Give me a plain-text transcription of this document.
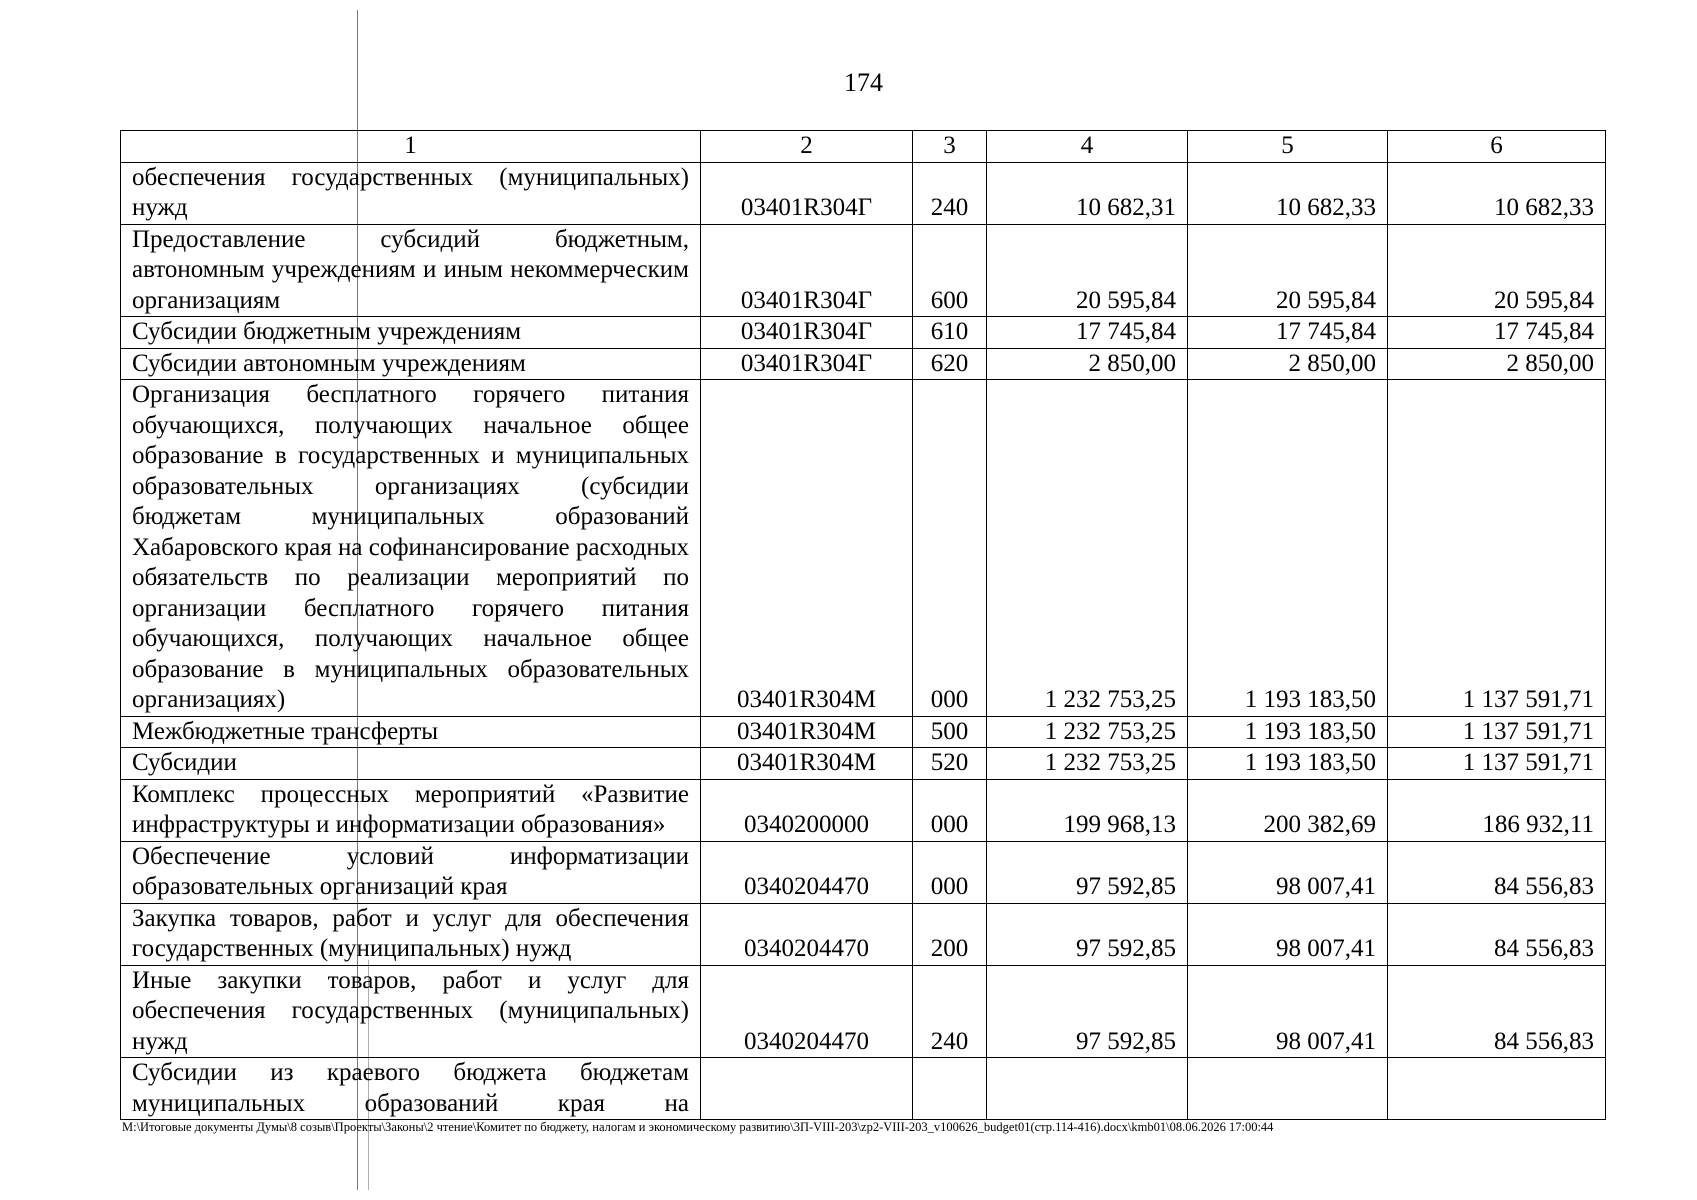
174
1	2	3	4	5	6
обеспечения государственных (муниципальных) нужд	03401R304Г	240	10 682,31	10 682,33	10 682,33
Предоставление субсидий бюджетным, автономным учреждениям и иным некоммерческим организациям	03401R304Г	600	20 595,84	20 595,84	20 595,84
Субсидии бюджетным учреждениям	03401R304Г	610	17 745,84	17 745,84	17 745,84
Субсидии автономным учреждениям	03401R304Г	620	2 850,00	2 850,00	2 850,00
Организация бесплатного горячего питания обучающихся, получающих начальное общее образование в государственных и муниципальных образовательных организациях (субсидии бюджетам муниципальных образований Хабаровского края на софинансирование расходных обязательств по реализации мероприятий по организации бесплатного горячего питания обучающихся, получающих начальное общее образование в муниципальных образовательных организациях)	03401R304M	000	1 232 753,25	1 193 183,50	1 137 591,71
Межбюджетные трансферты	03401R304M	500	1 232 753,25	1 193 183,50	1 137 591,71
Субсидии	03401R304M	520	1 232 753,25	1 193 183,50	1 137 591,71
Комплекс процессных мероприятий «Развитие инфраструктуры и информатизации образования»	0340200000	000	199 968,13	200 382,69	186 932,11
Обеспечение условий информатизации образовательных организаций края	0340204470	000	97 592,85	98 007,41	84 556,83
Закупка товаров, работ и услуг для обеспечения государственных (муниципальных) нужд	0340204470	200	97 592,85	98 007,41	84 556,83
Иные закупки товаров, работ и услуг для обеспечения государственных (муниципальных) нужд	0340204470	240	97 592,85	98 007,41	84 556,83
Субсидии из краевого бюджета бюджетам муниципальных образований края на					
М:\Итоговые документы Думы\8 созыв\Проекты\Законы\2 чтение\Комитет по бюджету, налогам и экономическому развитию\3П-VIII-203\zp2-VIII-203_v100626_budget01(стр.114-416).docx\kmb01\08.06.2026 17:00:44
